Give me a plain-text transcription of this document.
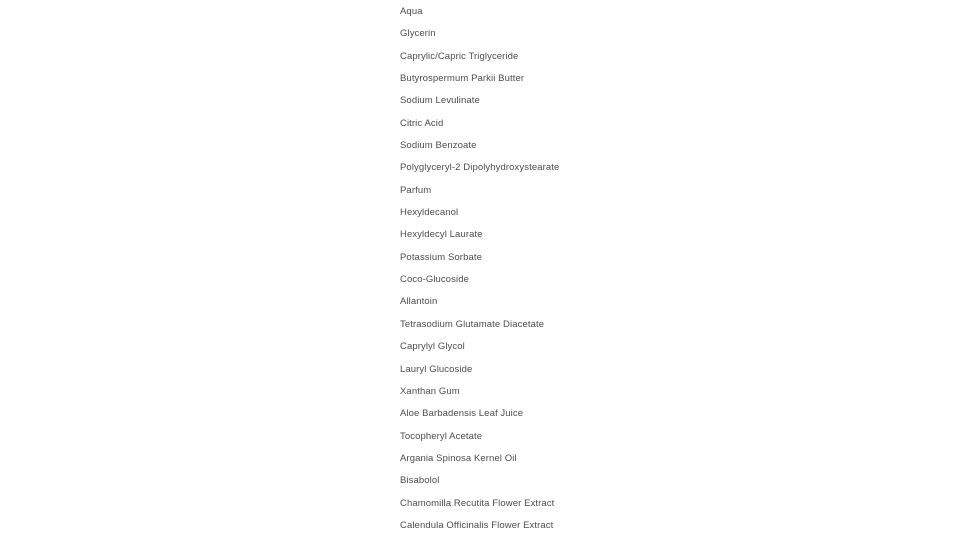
Aqua
Glycerin
Caprylic/Capric Triglyceride
Butyrospermum Parkii Butter
Sodium Levulinate
Citric Acid
Sodium Benzoate
Polyglyceryl-2 Dipolyhydroxystearate
Parfum
Hexyldecanol
Hexyldecyl Laurate
Potassium Sorbate
Coco-Glucoside
Allantoin
Tetrasodium Glutamate Diacetate
Caprylyl Glycol
Lauryl Glucoside
Xanthan Gum
Aloe Barbadensis Leaf Juice
Tocopheryl Acetate
Argania Spinosa Kernel Oil
Bisabolol
Chamomilla Recutita Flower Extract
Calendula Officinalis Flower Extract
